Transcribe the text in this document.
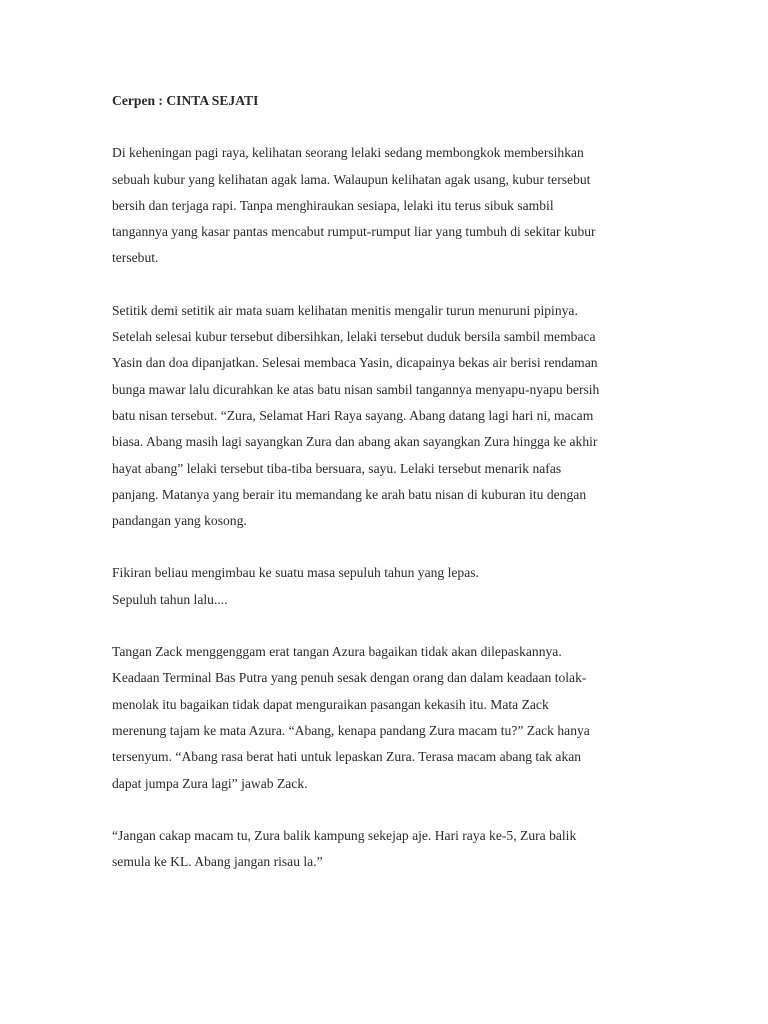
Cerpen : CINTA SEJATI
Di keheningan pagi raya, kelihatan seorang lelaki sedang membongkok membersihkan
sebuah kubur yang kelihatan agak lama. Walaupun kelihatan agak usang, kubur tersebut
bersih dan terjaga rapi. Tanpa menghiraukan sesiapa, lelaki itu terus sibuk sambil
tangannya yang kasar pantas mencabut rumput-rumput liar yang tumbuh di sekitar kubur
tersebut.
Setitik demi setitik air mata suam kelihatan menitis mengalir turun menuruni pipinya.
Setelah selesai kubur tersebut dibersihkan, lelaki tersebut duduk bersila sambil membaca
Yasin dan doa dipanjatkan. Selesai membaca Yasin, dicapainya bekas air berisi rendaman
bunga mawar lalu dicurahkan ke atas batu nisan sambil tangannya menyapu-nyapu bersih
batu nisan tersebut. “Zura, Selamat Hari Raya sayang. Abang datang lagi hari ni, macam
biasa. Abang masih lagi sayangkan Zura dan abang akan sayangkan Zura hingga ke akhir
hayat abang” lelaki tersebut tiba-tiba bersuara, sayu. Lelaki tersebut menarik nafas
panjang. Matanya yang berair itu memandang ke arah batu nisan di kuburan itu dengan
pandangan yang kosong.
Fikiran beliau mengimbau ke suatu masa sepuluh tahun yang lepas.
Sepuluh tahun lalu....
Tangan Zack menggenggam erat tangan Azura bagaikan tidak akan dilepaskannya.
Keadaan Terminal Bas Putra yang penuh sesak dengan orang dan dalam keadaan tolak-
menolak itu bagaikan tidak dapat menguraikan pasangan kekasih itu. Mata Zack
merenung tajam ke mata Azura. “Abang, kenapa pandang Zura macam tu?” Zack hanya
tersenyum. “Abang rasa berat hati untuk lepaskan Zura. Terasa macam abang tak akan
dapat jumpa Zura lagi” jawab Zack.
“Jangan cakap macam tu, Zura balik kampung sekejap aje. Hari raya ke-5, Zura balik
semula ke KL. Abang jangan risau la.”
